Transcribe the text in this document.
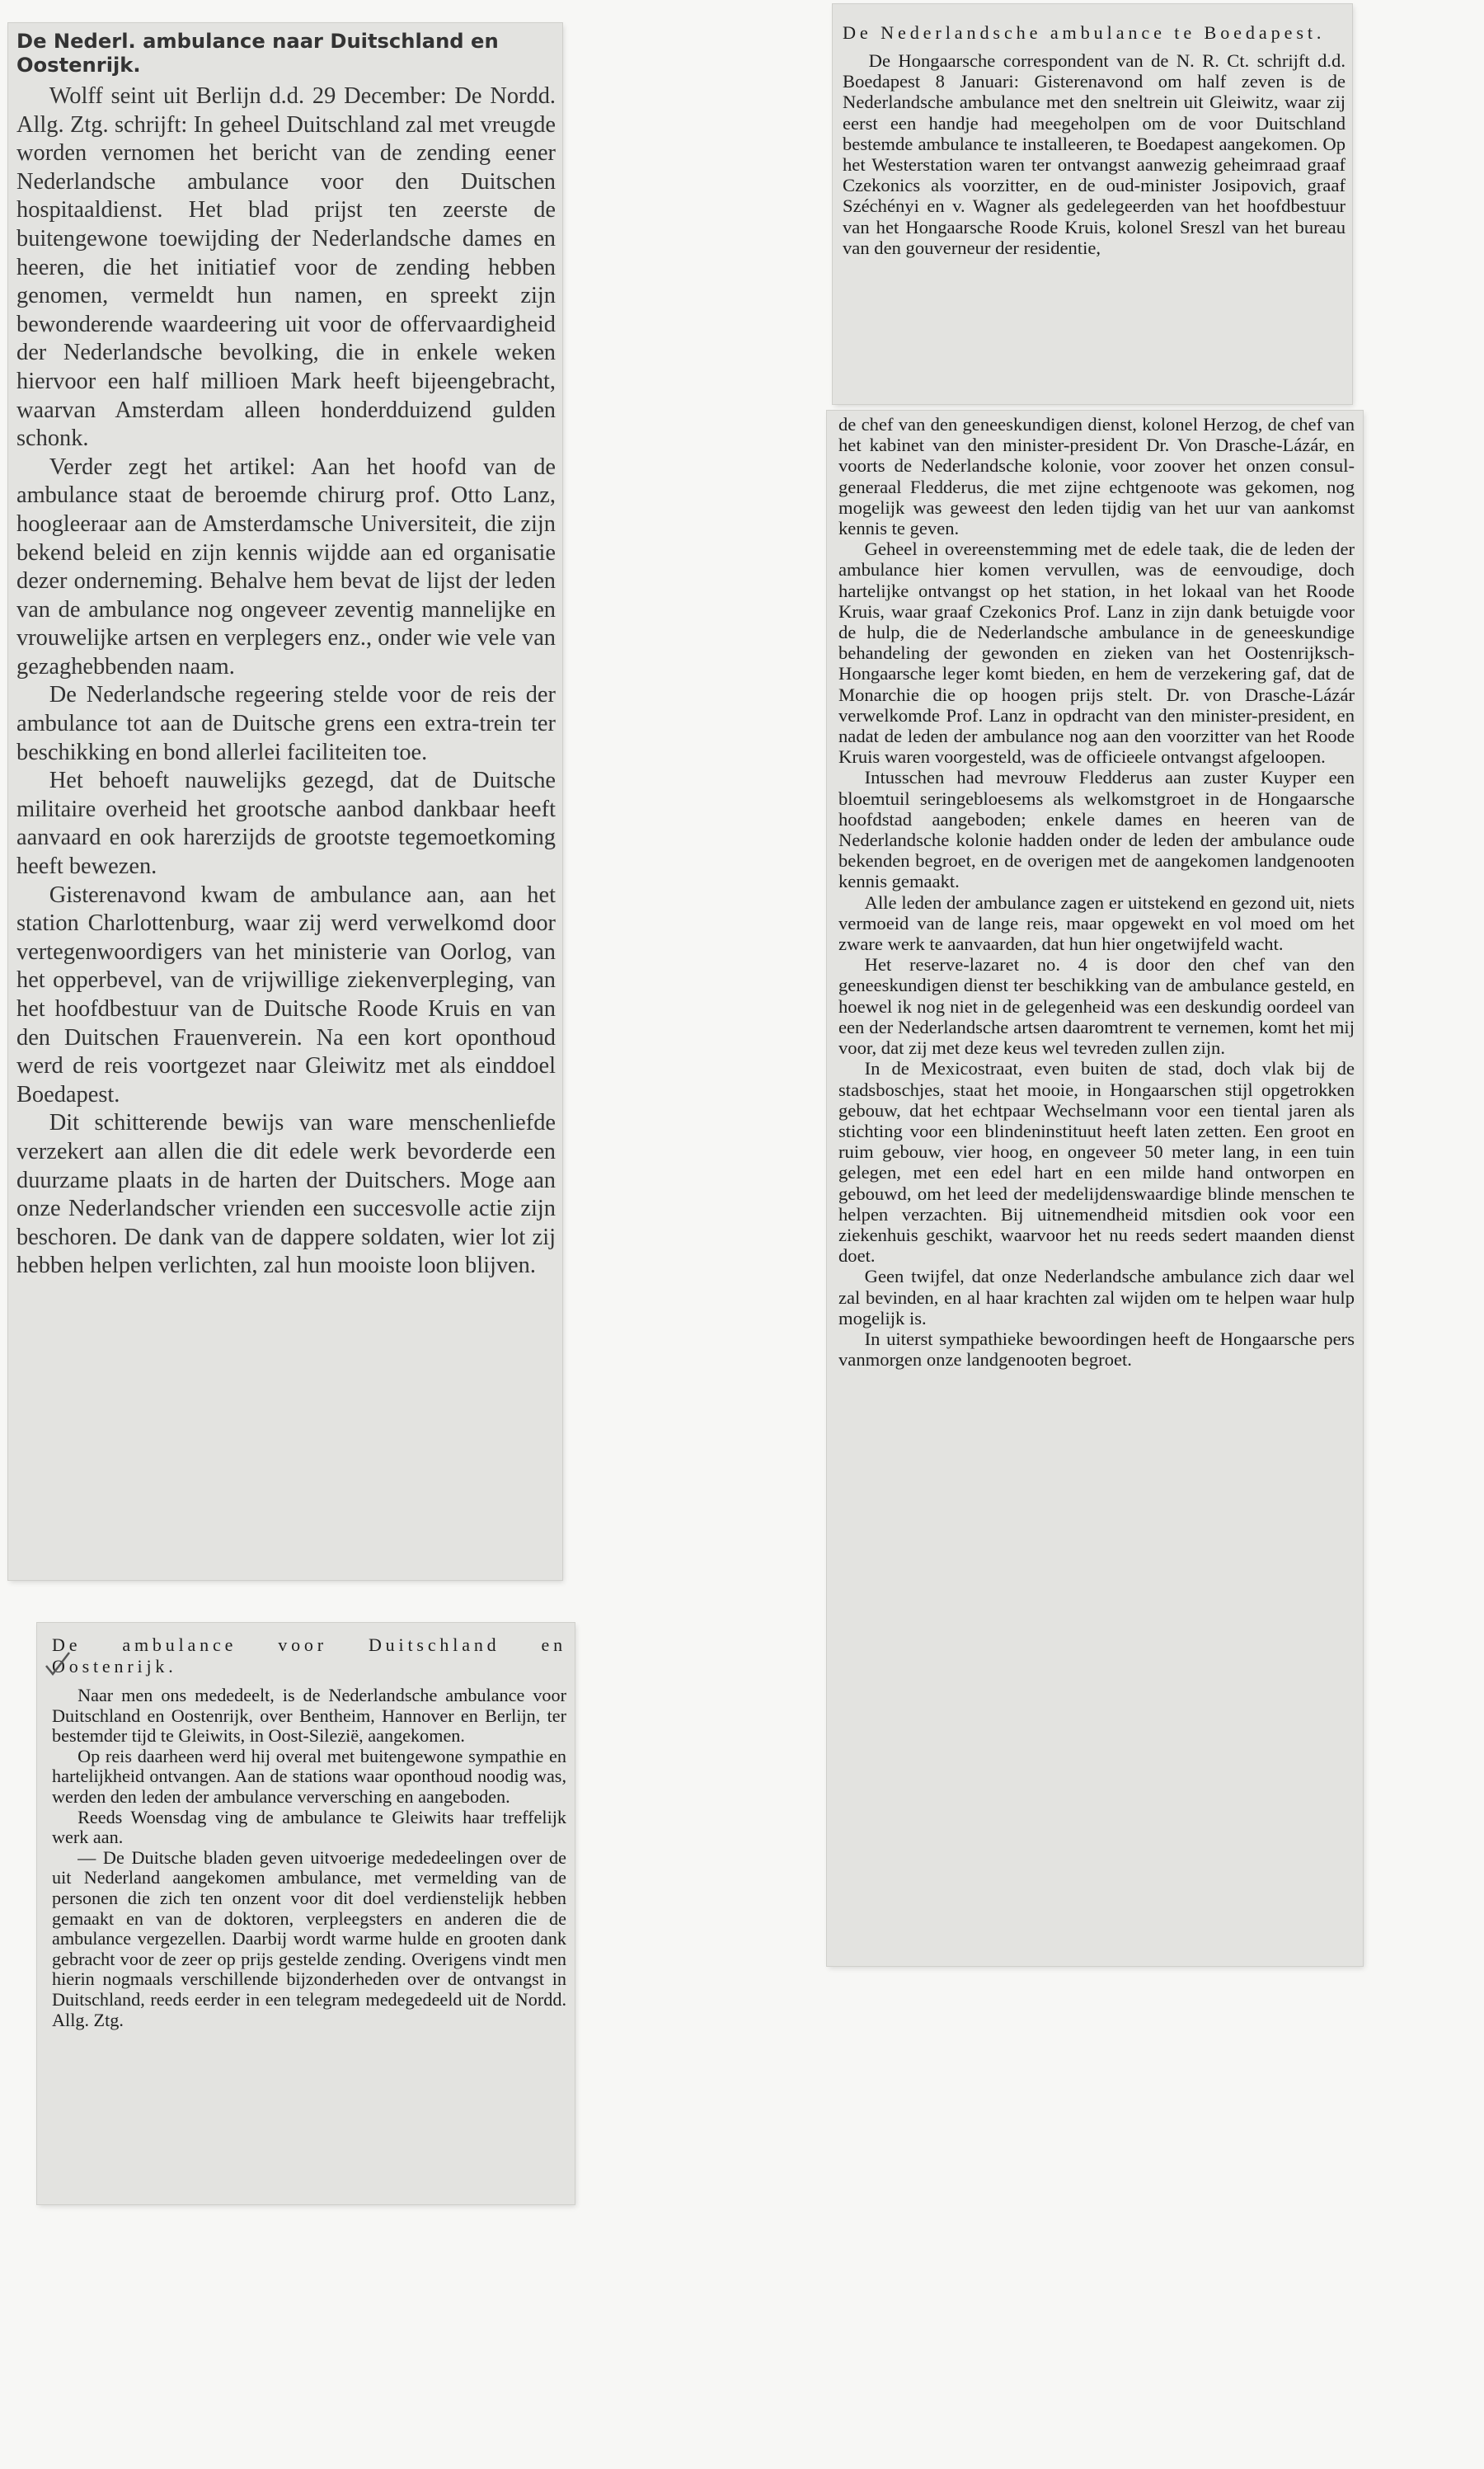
De Nederl. ambulance naar Duitschland en Oostenrijk.

Wolff seint uit Berlijn d.d. 29 December: De Nordd. Allg. Ztg. schrijft: In geheel Duitschland zal met vreugde worden vernomen het bericht van de zending eener Nederlandsche ambulance voor den Duitschen hospitaaldienst. Het blad prijst ten zeerste de buitengewone toewijding der Nederlandsche dames en heeren, die het initiatief voor de zending hebben genomen, vermeldt hun namen, en spreekt zijn bewonderende waardeering uit voor de offervaardigheid der Nederlandsche bevolking, die in enkele weken hiervoor een half millioen Mark heeft bijeengebracht, waarvan Amsterdam alleen honderdduizend gulden schonk.

Verder zegt het artikel: Aan het hoofd van de ambulance staat de beroemde chirurg prof. Otto Lanz, hoogleeraar aan de Amsterdamsche Universiteit, die zijn bekend beleid en zijn kennis wijdde aan ed organisatie dezer onderneming. Behalve hem bevat de lijst der leden van de ambulance nog ongeveer zeventig mannelijke en vrouwelijke artsen en verplegers enz., onder wie vele van gezaghebbenden naam.

De Nederlandsche regeering stelde voor de reis der ambulance tot aan de Duitsche grens een extra-trein ter beschikking en bond allerlei faciliteiten toe.

Het behoeft nauwelijks gezegd, dat de Duitsche militaire overheid het grootsche aanbod dankbaar heeft aanvaard en ook harerzijds de grootste tegemoetkoming heeft bewezen.

Gisterenavond kwam de ambulance aan, aan het station Charlottenburg, waar zij werd verwelkomd door vertegenwoordigers van het ministerie van Oorlog, van het opperbevel, van de vrijwillige ziekenverpleging, van het hoofdbestuur van de Duitsche Roode Kruis en van den Duitschen Frauenverein. Na een kort oponthoud werd de reis voortgezet naar Gleiwitz met als einddoel Boedapest.

Dit schitterende bewijs van ware menschenliefde verzekert aan allen die dit edele werk bevorderde een duurzame plaats in de harten der Duitschers. Moge aan onze Nederlandscher vrienden een succesvolle actie zijn beschoren. De dank van de dappere soldaten, wier lot zij hebben helpen verlichten, zal hun mooiste loon blijven.

De ambulance voor Duitschland en Oostenrijk.

Naar men ons mededeelt, is de Nederlandsche ambulance voor Duitschland en Oostenrijk, over Bentheim, Hannover en Berlijn, ter bestemder tijd te Gleiwits, in Oost-Silezië, aangekomen.

Op reis daarheen werd hij overal met buitengewone sympathie en hartelijkheid ontvangen. Aan de stations waar oponthoud noodig was, werden den leden der ambulance verversching en aangeboden.

Reeds Woensdag ving de ambulance te Gleiwits haar treffelijk werk aan.

— De Duitsche bladen geven uitvoerige mededeelingen over de uit Nederland aangekomen ambulance, met vermelding van de personen die zich ten onzent voor dit doel verdienstelijk hebben gemaakt en van de doktoren, verpleegsters en anderen die de ambulance vergezellen. Daarbij wordt warme hulde en grooten dank gebracht voor de zeer op prijs gestelde zending. Overigens vindt men hierin nogmaals verschillende bijzonderheden over de ontvangst in Duitschland, reeds eerder in een telegram medegedeeld uit de Nordd. Allg. Ztg.

De Nederlandsche ambulance te Boedapest.

De Hongaarsche correspondent van de N. R. Ct. schrijft d.d. Boedapest 8 Januari: Gisterenavond om half zeven is de Nederlandsche ambulance met den sneltrein uit Gleiwitz, waar zij eerst een handje had meegeholpen om de voor Duitschland bestemde ambulance te installeeren, te Boedapest aangekomen. Op het Westerstation waren ter ontvangst aanwezig geheimraad graaf Czekonics als voorzitter, en de oud-minister Josipovich, graaf Széchényi en v. Wagner als gedelegeerden van het hoofdbestuur van het Hongaarsche Roode Kruis, kolonel Sreszl van het bureau van den gouverneur der residentie,

de chef van den geneeskundigen dienst, kolonel Herzog, de chef van het kabinet van den minister-president Dr. Von Drasche-Lázár, en voorts de Nederlandsche kolonie, voor zoover het onzen consul-generaal Fledderus, die met zijne echtgenoote was gekomen, nog mogelijk was geweest den leden tijdig van het uur van aankomst kennis te geven.

Geheel in overeenstemming met de edele taak, die de leden der ambulance hier komen vervullen, was de eenvoudige, doch hartelijke ontvangst op het station, in het lokaal van het Roode Kruis, waar graaf Czekonics Prof. Lanz in zijn dank betuigde voor de hulp, die de Nederlandsche ambulance in de geneeskundige behandeling der gewonden en zieken van het Oostenrijksch-Hongaarsche leger komt bieden, en hem de verzekering gaf, dat de Monarchie die op hoogen prijs stelt. Dr. von Drasche-Lázár verwelkomde Prof. Lanz in opdracht van den minister-president, en nadat de leden der ambulance nog aan den voorzitter van het Roode Kruis waren voorgesteld, was de officieele ontvangst afgeloopen.

Intusschen had mevrouw Fledderus aan zuster Kuyper een bloemtuil seringebloesems als welkomstgroet in de Hongaarsche hoofdstad aangeboden; enkele dames en heeren van de Nederlandsche kolonie hadden onder de leden der ambulance oude bekenden begroet, en de overigen met de aangekomen landgenooten kennis gemaakt.

Alle leden der ambulance zagen er uitstekend en gezond uit, niets vermoeid van de lange reis, maar opgewekt en vol moed om het zware werk te aanvaarden, dat hun hier ongetwijfeld wacht.

Het reserve-lazaret no. 4 is door den chef van den geneeskundigen dienst ter beschikking van de ambulance gesteld, en hoewel ik nog niet in de gelegenheid was een deskundig oordeel van een der Nederlandsche artsen daaromtrent te vernemen, komt het mij voor, dat zij met deze keus wel tevreden zullen zijn.

In de Mexicostraat, even buiten de stad, doch vlak bij de stadsboschjes, staat het mooie, in Hongaarschen stijl opgetrokken gebouw, dat het echtpaar Wechselmann voor een tiental jaren als stichting voor een blindeninstituut heeft laten zetten. Een groot en ruim gebouw, vier hoog, en ongeveer 50 meter lang, in een tuin gelegen, met een edel hart en een milde hand ontworpen en gebouwd, om het leed der medelijdenswaardige blinde menschen te helpen verzachten. Bij uitnemendheid mitsdien ook voor een ziekenhuis geschikt, waarvoor het nu reeds sedert maanden dienst doet.

Geen twijfel, dat onze Nederlandsche ambulance zich daar wel zal bevinden, en al haar krachten zal wijden om te helpen waar hulp mogelijk is.

In uiterst sympathieke bewoordingen heeft de Hongaarsche pers vanmorgen onze landgenooten begroet.
